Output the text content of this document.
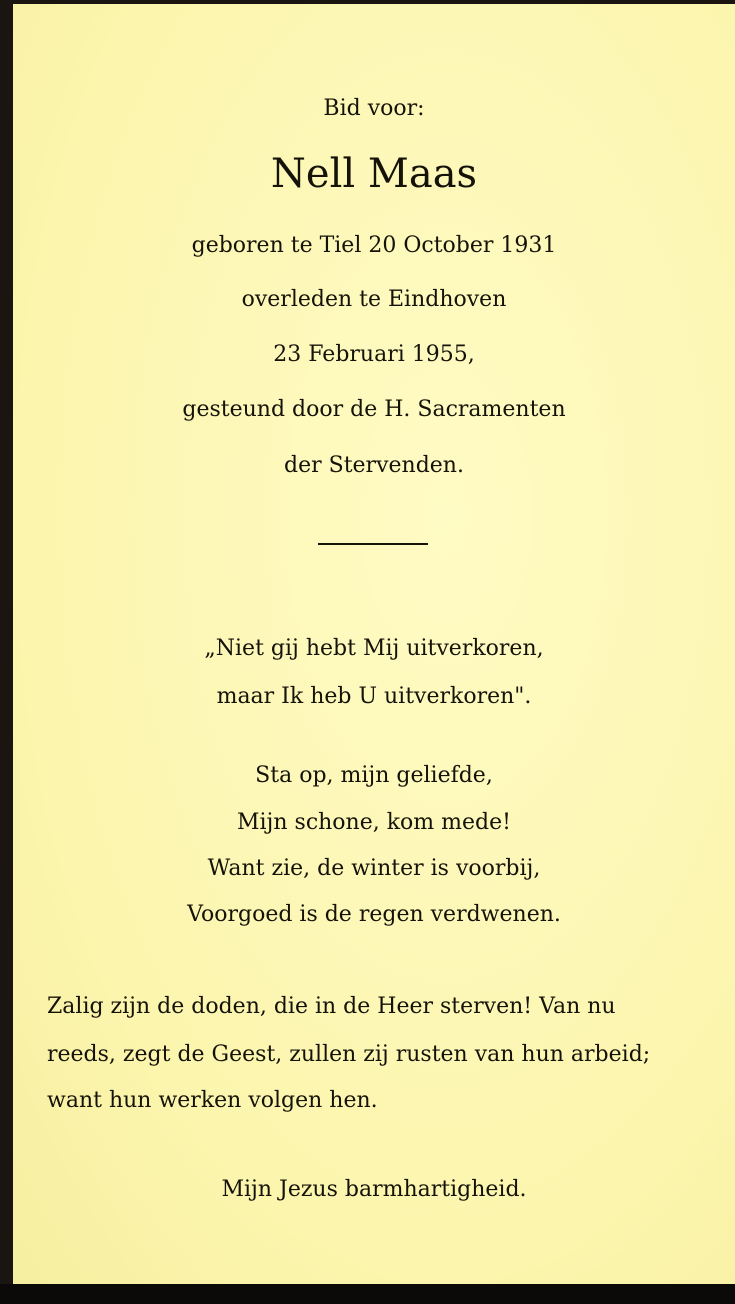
Bid voor:
Nell Maas
geboren te Tiel 20 October 1931
overleden te Eindhoven
23 Februari 1955,
gesteund door de H. Sacramenten
der Stervenden.
„Niet gij hebt Mij uitverkoren,
maar Ik heb U uitverkoren".
Sta op, mijn geliefde,
Mijn schone, kom mede!
Want zie, de winter is voorbij,
Voorgoed is de regen verdwenen.
Zalig zijn de doden, die in de Heer sterven! Van nu
reeds, zegt de Geest, zullen zij rusten van hun arbeid;
want hun werken volgen hen.
Mijn Jezus barmhartigheid.
